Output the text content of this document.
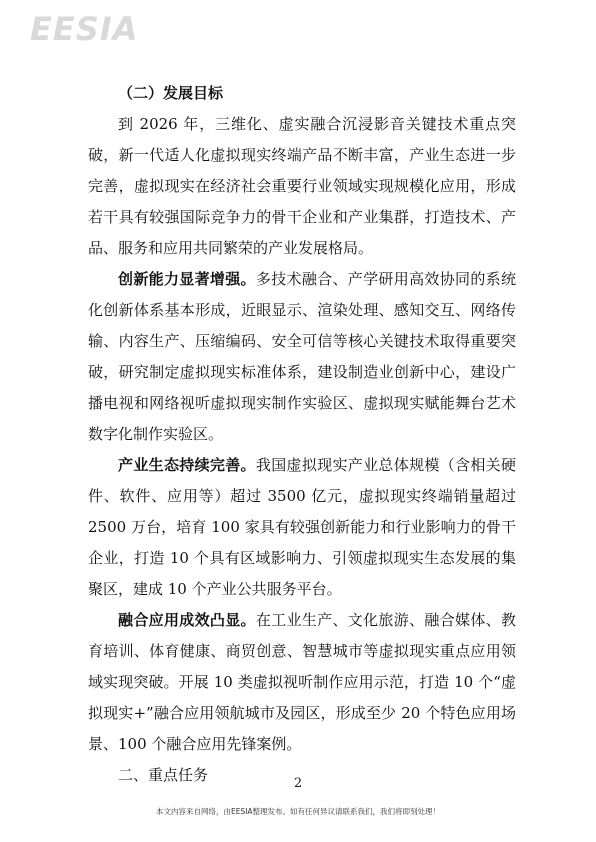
EESIA

（二）发展目标

到 2026 年，三维化、虚实融合沉浸影音关键技术重点突破，新一代适人化虚拟现实终端产品不断丰富，产业生态进一步完善，虚拟现实在经济社会重要行业领域实现规模化应用，形成若干具有较强国际竞争力的骨干企业和产业集群，打造技术、产品、服务和应用共同繁荣的产业发展格局。

创新能力显著增强。多技术融合、产学研用高效协同的系统化创新体系基本形成，近眼显示、渲染处理、感知交互、网络传输、内容生产、压缩编码、安全可信等核心关键技术取得重要突破，研究制定虚拟现实标准体系，建设制造业创新中心，建设广播电视和网络视听虚拟现实制作实验区、虚拟现实赋能舞台艺术数字化制作实验区。

产业生态持续完善。我国虚拟现实产业总体规模（含相关硬件、软件、应用等）超过 3500 亿元，虚拟现实终端销量超过 2500 万台，培育 100 家具有较强创新能力和行业影响力的骨干企业，打造 10 个具有区域影响力、引领虚拟现实生态发展的集聚区，建成 10 个产业公共服务平台。

融合应用成效凸显。在工业生产、文化旅游、融合媒体、教育培训、体育健康、商贸创意、智慧城市等虚拟现实重点应用领域实现突破。开展 10 类虚拟视听制作应用示范，打造 10 个“虚拟现实+”融合应用领航城市及园区，形成至少 20 个特色应用场景、100 个融合应用先锋案例。

二、重点任务	2
本文内容来自网络，由EESIA整理发布。如有任何异议请联系我们，我们将即刻处理！
